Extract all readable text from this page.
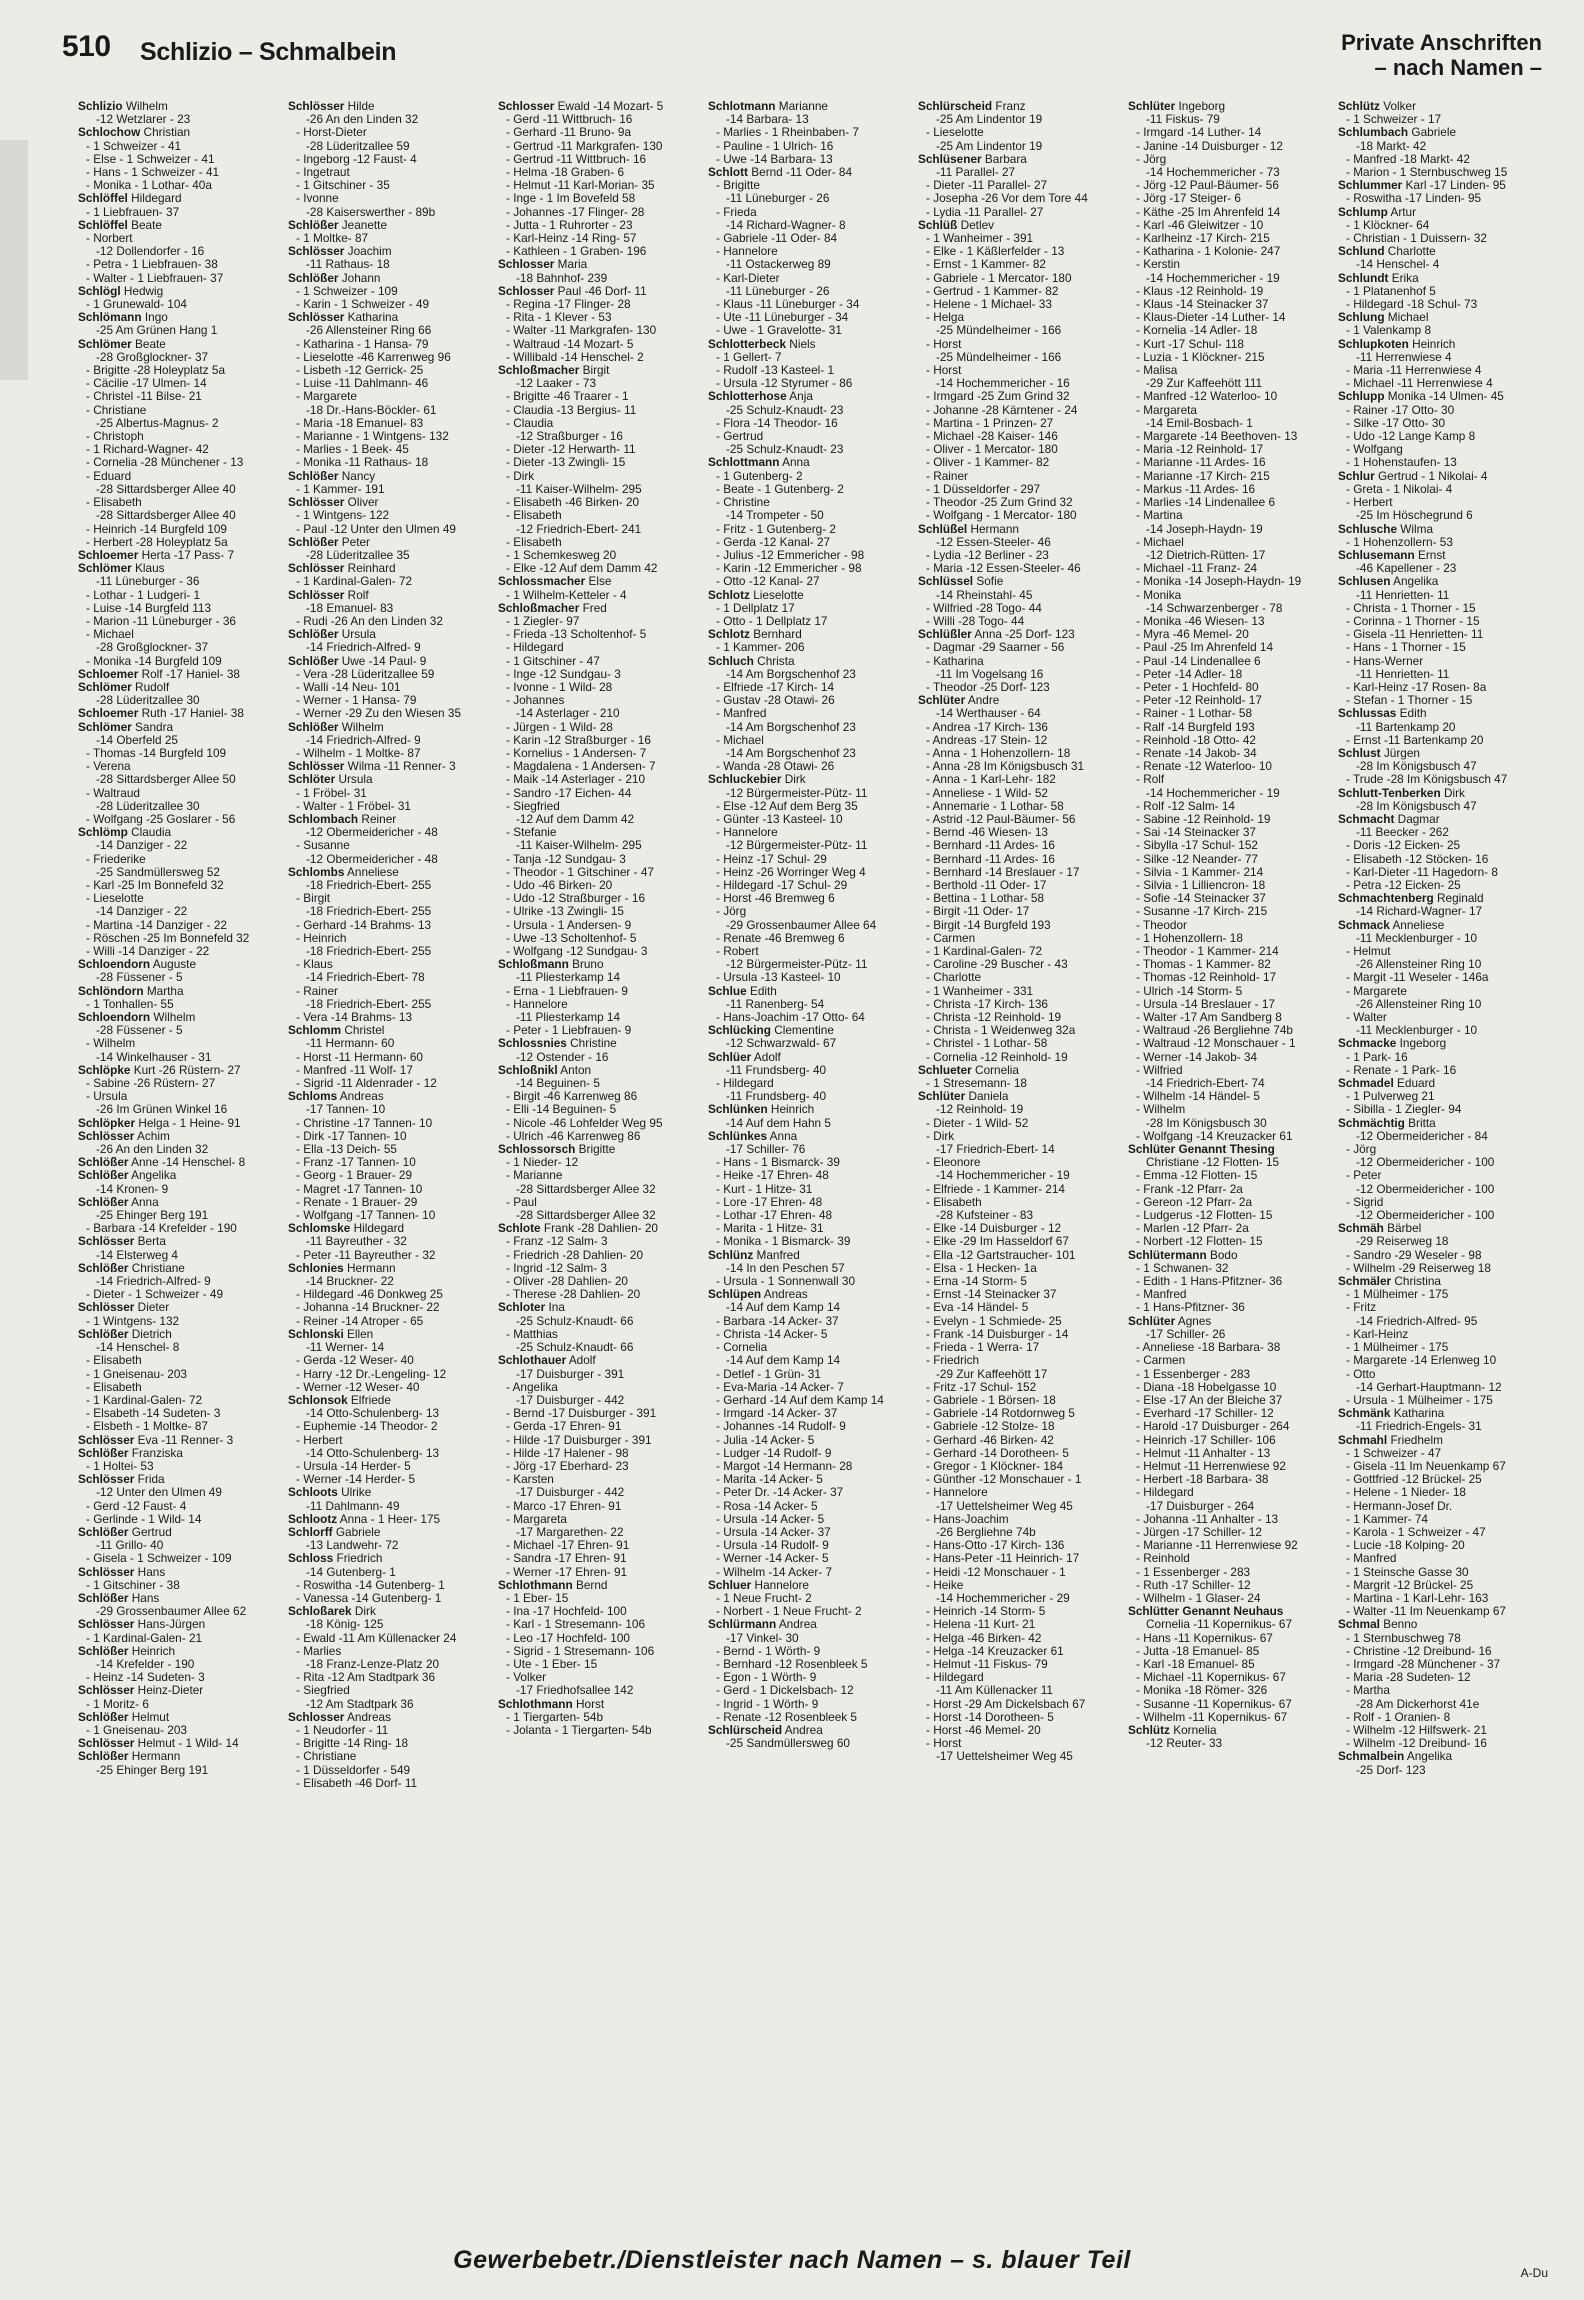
510 Schlizio – Schmalbein	Private Anschriften
– nach Namen –
Schlizio Wilhelm
-12 Wetzlarer - 23
Schlochow Christian
- 1 Schweizer - 41
- Else - 1 Schweizer - 41
- Hans - 1 Schweizer - 41
- Monika - 1 Lothar- 40a
Schlöffel Hildegard
- 1 Liebfrauen- 37
Schlöffel Beate
- Norbert
-12 Dollendorfer - 16
- Petra - 1 Liebfrauen- 38
- Walter - 1 Liebfrauen- 37
Schlögl Hedwig
- 1 Grunewald- 104
Schlömann Ingo
-25 Am Grünen Hang 1
Schlömer Beate
-28 Großglockner- 37
- Brigitte -28 Holeyplatz 5a
- Cäcilie -17 Ulmen- 14
- Christel -11 Bilse- 21
- Christiane
-25 Albertus-Magnus- 2
- Christoph
- 1 Richard-Wagner- 42
- Cornelia -28 Münchener - 13
- Eduard
-28 Sittardsberger Allee 40
- Elisabeth
-28 Sittardsberger Allee 40
- Heinrich -14 Burgfeld 109
- Herbert -28 Holeyplatz 5a
Schloemer Herta -17 Pass- 7
Schlömer Klaus
-11 Lüneburger - 36
- Lothar - 1 Ludgeri- 1
- Luise -14 Burgfeld 113
- Marion -11 Lüneburger - 36
- Michael
-28 Großglockner- 37
- Monika -14 Burgfeld 109
Schloemer Rolf -17 Haniel- 38
Schlömer Rudolf
-28 Lüderitzallee 30
Schloemer Ruth -17 Haniel- 38
Schlömer Sandra
-14 Oberfeld 25
- Thomas -14 Burgfeld 109
- Verena
-28 Sittardsberger Allee 50
- Waltraud
-28 Lüderitzallee 30
- Wolfgang -25 Goslarer - 56
Schlömp Claudia
-14 Danziger - 22
- Friederike
-25 Sandmüllersweg 52
- Karl -25 Im Bonnefeld 32
- Lieselotte
-14 Danziger - 22
- Martina -14 Danziger - 22
- Röschen -25 Im Bonnefeld 32
- Willi -14 Danziger - 22
Schloendorn Auguste
-28 Füssener - 5
Schlöndorn Martha
- 1 Tonhallen- 55
Schloendorn Wilhelm
-28 Füssener - 5
- Wilhelm
-14 Winkelhauser - 31
Schlöpke Kurt -26 Rüstern- 27
- Sabine -26 Rüstern- 27
- Ursula
-26 Im Grünen Winkel 16
Schlöpker Helga - 1 Heine- 91
Schlösser Achim
-26 An den Linden 32
Schlößer Anne -14 Henschel- 8
Schlößer Angelika
-14 Kronen- 9
Schlößer Anna
-25 Ehinger Berg 191
- Barbara -14 Krefelder - 190
Schlösser Berta
-14 Elsterweg 4
Schlößer Christiane
-14 Friedrich-Alfred- 9
- Dieter - 1 Schweizer - 49
Schlösser Dieter
- 1 Wintgens- 132
Schlößer Dietrich
-14 Henschel- 8
- Elisabeth
- 1 Gneisenau- 203
- Elisabeth
- 1 Kardinal-Galen- 72
- Elsabeth -14 Sudeten- 3
- Elsbeth - 1 Moltke- 87
Schlösser Eva -11 Renner- 3
Schlößer Franziska
- 1 Holtei- 53
Schlösser Frida
-12 Unter den Ulmen 49
- Gerd -12 Faust- 4
- Gerlinde - 1 Wild- 14
Schlößer Gertrud
-11 Grillo- 40
- Gisela - 1 Schweizer - 109
Schlösser Hans
- 1 Gitschiner - 38
Schlößer Hans
-29 Grossenbaumer Allee 62
Schlösser Hans-Jürgen
- 1 Kardinal-Galen- 21
Schlößer Heinrich
-14 Krefelder - 190
- Heinz -14 Sudeten- 3
Schlösser Heinz-Dieter
- 1 Moritz- 6
Schlößer Helmut
- 1 Gneisenau- 203
Schlösser Helmut - 1 Wild- 14
Schlößer Hermann
-25 Ehinger Berg 191
Schlösser Hilde
-26 An den Linden 32
- Horst-Dieter
-28 Lüderitzallee 59
- Ingeborg -12 Faust- 4
- Ingetraut
- 1 Gitschiner - 35
- Ivonne
-28 Kaiserswerther - 89b
Schlößer Jeanette
- 1 Moltke- 87
Schlösser Joachim
-11 Rathaus- 18
Schlößer Johann
- 1 Schweizer - 109
- Karin - 1 Schweizer - 49
Schlösser Katharina
-26 Allensteiner Ring 66
- Katharina - 1 Hansa- 79
- Lieselotte -46 Karrenweg 96
- Lisbeth -12 Gerrick- 25
- Luise -11 Dahlmann- 46
- Margarete
-18 Dr.-Hans-Böckler- 61
- Maria -18 Emanuel- 83
- Marianne - 1 Wintgens- 132
- Marlies - 1 Beek- 45
- Monika -11 Rathaus- 18
Schlößer Nancy
- 1 Kammer- 191
Schlösser Oliver
- 1 Wintgens- 122
- Paul -12 Unter den Ulmen 49
Schlößer Peter
-28 Lüderitzallee 35
Schlösser Reinhard
- 1 Kardinal-Galen- 72
Schlösser Rolf
-18 Emanuel- 83
- Rudi -26 An den Linden 32
Schlößer Ursula
-14 Friedrich-Alfred- 9
Schlößer Uwe -14 Paul- 9
- Vera -28 Lüderitzallee 59
- Walli -14 Neu- 101
- Werner - 1 Hansa- 79
- Werner -29 Zu den Wiesen 35
Schlößer Wilhelm
-14 Friedrich-Alfred- 9
- Wilhelm - 1 Moltke- 87
Schlösser Wilma -11 Renner- 3
Schlöter Ursula
- 1 Fröbel- 31
- Walter - 1 Fröbel- 31
Schlombach Reiner
-12 Obermeidericher - 48
- Susanne
-12 Obermeidericher - 48
Schlombs Anneliese
-18 Friedrich-Ebert- 255
- Birgit
-18 Friedrich-Ebert- 255
- Gerhard -14 Brahms- 13
- Heinrich
-18 Friedrich-Ebert- 255
- Klaus
-14 Friedrich-Ebert- 78
- Rainer
-18 Friedrich-Ebert- 255
- Vera -14 Brahms- 13
Schlomm Christel
-11 Hermann- 60
- Horst -11 Hermann- 60
- Manfred -11 Wolf- 17
- Sigrid -11 Aldenrader - 12
Schloms Andreas
-17 Tannen- 10
- Christine -17 Tannen- 10
- Dirk -17 Tannen- 10
- Ella -13 Deich- 55
- Franz -17 Tannen- 10
- Georg - 1 Brauer- 29
- Magret -17 Tannen- 10
- Renate - 1 Brauer- 29
- Wolfgang -17 Tannen- 10
Schlomske Hildegard
-11 Bayreuther - 32
- Peter -11 Bayreuther - 32
Schlonies Hermann
-14 Bruckner- 22
- Hildegard -46 Donkweg 25
- Johanna -14 Bruckner- 22
- Reiner -14 Atroper - 65
Schlonski Ellen
-11 Werner- 14
- Gerda -12 Weser- 40
- Harry -12 Dr.-Lengeling- 12
- Werner -12 Weser- 40
Schlonsok Elfriede
-14 Otto-Schulenberg- 13
- Euphemie -14 Theodor- 2
- Herbert
-14 Otto-Schulenberg- 13
- Ursula -14 Herder- 5
- Werner -14 Herder- 5
Schloots Ulrike
-11 Dahlmann- 49
Schlootz Anna - 1 Heer- 175
Schlorff Gabriele
-13 Landwehr- 72
Schloss Friedrich
-14 Gutenberg- 1
- Roswitha -14 Gutenberg- 1
- Vanessa -14 Gutenberg- 1
Schloßarek Dirk
-18 König- 125
- Ewald -11 Am Küllenacker 24
- Marlies
-18 Franz-Lenze-Platz 20
- Rita -12 Am Stadtpark 36
- Siegfried
-12 Am Stadtpark 36
Schlosser Andreas
- 1 Neudorfer - 11
- Brigitte -14 Ring- 18
- Christiane
- 1 Düsseldorfer - 549
- Elisabeth -46 Dorf- 11
Schlosser Ewald -14 Mozart- 5
- Gerd -11 Wittbruch- 16
- Gerhard -11 Bruno- 9a
- Gertrud -11 Markgrafen- 130
- Gertrud -11 Wittbruch- 16
- Helma -18 Graben- 6
- Helmut -11 Karl-Morian- 35
- Inge - 1 Im Bovefeld 58
- Johannes -17 Flinger- 28
- Jutta - 1 Ruhrorter - 23
- Karl-Heinz -14 Ring- 57
- Kathleen - 1 Graben- 196
Schlosser Maria
-18 Bahnhof- 239
Schlosser Paul -46 Dorf- 11
- Regina -17 Flinger- 28
- Rita - 1 Klever - 53
- Walter -11 Markgrafen- 130
- Waltraud -14 Mozart- 5
- Willibald -14 Henschel- 2
Schloßmacher Birgit
-12 Laaker - 73
- Brigitte -46 Traarer - 1
- Claudia -13 Bergius- 11
- Claudia
-12 Straßburger - 16
- Dieter -12 Herwarth- 11
- Dieter -13 Zwingli- 15
- Dirk
-11 Kaiser-Wilhelm- 295
- Elisabeth -46 Birken- 20
- Elisabeth
-12 Friedrich-Ebert- 241
- Elisabeth
- 1 Schemkesweg 20
- Elke -12 Auf dem Damm 42
Schlossmacher Else
- 1 Wilhelm-Ketteler - 4
Schloßmacher Fred
- 1 Ziegler- 97
- Frieda -13 Scholtenhof- 5
- Hildegard
- 1 Gitschiner - 47
- Inge -12 Sundgau- 3
- Ivonne - 1 Wild- 28
- Johannes
-14 Asterlager - 210
- Jürgen - 1 Wild- 28
- Karin -12 Straßburger - 16
- Kornelius - 1 Andersen- 7
- Magdalena - 1 Andersen- 7
- Maik -14 Asterlager - 210
- Sandro -17 Eichen- 44
- Siegfried
-12 Auf dem Damm 42
- Stefanie
-11 Kaiser-Wilhelm- 295
- Tanja -12 Sundgau- 3
- Theodor - 1 Gitschiner - 47
- Udo -46 Birken- 20
- Udo -12 Straßburger - 16
- Ulrike -13 Zwingli- 15
- Ursula - 1 Andersen- 9
- Uwe -13 Scholtenhof- 5
- Wolfgang -12 Sundgau- 3
Schloßmann Bruno
-11 Pliesterkamp 14
- Erna - 1 Liebfrauen- 9
- Hannelore
-11 Pliesterkamp 14
- Peter - 1 Liebfrauen- 9
Schlossnies Christine
-12 Ostender - 16
Schloßnikl Anton
-14 Beguinen- 5
- Birgit -46 Karrenweg 86
- Elli -14 Beguinen- 5
- Nicole -46 Lohfelder Weg 95
- Ulrich -46 Karrenweg 86
Schlossorsch Brigitte
- 1 Nieder- 12
- Marianne
-28 Sittardsberger Allee 32
- Paul
-28 Sittardsberger Allee 32
Schlote Frank -28 Dahlien- 20
- Franz -12 Salm- 3
- Friedrich -28 Dahlien- 20
- Ingrid -12 Salm- 3
- Oliver -28 Dahlien- 20
- Therese -28 Dahlien- 20
Schloter Ina
-25 Schulz-Knaudt- 66
- Matthias
-25 Schulz-Knaudt- 66
Schlothauer Adolf
-17 Duisburger - 391
- Angelika
-17 Duisburger - 442
- Bernd -17 Duisburger - 391
- Gerda -17 Ehren- 91
- Hilde -17 Duisburger - 391
- Hilde -17 Halener - 98
- Jörg -17 Eberhard- 23
- Karsten
-17 Duisburger - 442
- Marco -17 Ehren- 91
- Margareta
-17 Margarethen- 22
- Michael -17 Ehren- 91
- Sandra -17 Ehren- 91
- Werner -17 Ehren- 91
Schlothmann Bernd
- 1 Eber- 15
- Ina -17 Hochfeld- 100
- Karl - 1 Stresemann- 106
- Leo -17 Hochfeld- 100
- Sigrid - 1 Stresemann- 106
- Ute - 1 Eber- 15
- Volker
-17 Friedhofsallee 142
Schlothmann Horst
- 1 Tiergarten- 54b
- Jolanta - 1 Tiergarten- 54b
Schlotmann Marianne
-14 Barbara- 13
- Marlies - 1 Rheinbaben- 7
- Pauline - 1 Ulrich- 16
- Uwe -14 Barbara- 13
Schlott Bernd -11 Oder- 84
- Brigitte
-11 Lüneburger - 26
- Frieda
-14 Richard-Wagner- 8
- Gabriele -11 Oder- 84
- Hannelore
-11 Ostackerweg 89
- Karl-Dieter
-11 Lüneburger - 26
- Klaus -11 Lüneburger - 34
- Ute -11 Lüneburger - 34
- Uwe - 1 Gravelotte- 31
Schlotterbeck Niels
- 1 Gellert- 7
- Rudolf -13 Kasteel- 1
- Ursula -12 Styrumer - 86
Schlotterhose Anja
-25 Schulz-Knaudt- 23
- Flora -14 Theodor- 16
- Gertrud
-25 Schulz-Knaudt- 23
Schlottmann Anna
- 1 Gutenberg- 2
- Beate - 1 Gutenberg- 2
- Christine
-14 Trompeter - 50
- Fritz - 1 Gutenberg- 2
- Gerda -12 Kanal- 27
- Julius -12 Emmericher - 98
- Karin -12 Emmericher - 98
- Otto -12 Kanal- 27
Schlotz Lieselotte
- 1 Dellplatz 17
- Otto - 1 Dellplatz 17
Schlotz Bernhard
- 1 Kammer- 206
Schluch Christa
-14 Am Borgschenhof 23
- Elfriede -17 Kirch- 14
- Gustav -28 Otawi- 26
- Manfred
-14 Am Borgschenhof 23
- Michael
-14 Am Borgschenhof 23
- Wanda -28 Otawi- 26
Schluckebier Dirk
-12 Bürgermeister-Pütz- 11
- Else -12 Auf dem Berg 35
- Günter -13 Kasteel- 10
- Hannelore
-12 Bürgermeister-Pütz- 11
- Heinz -17 Schul- 29
- Heinz -26 Worringer Weg 4
- Hildegard -17 Schul- 29
- Horst -46 Bremweg 6
- Jörg
-29 Grossenbaumer Allee 64
- Renate -46 Bremweg 6
- Robert
-12 Bürgermeister-Pütz- 11
- Ursula -13 Kasteel- 10
Schlue Edith
-11 Ranenberg- 54
- Hans-Joachim -17 Otto- 64
Schlücking Clementine
-12 Schwarzwald- 67
Schlüer Adolf
-11 Frundsberg- 40
- Hildegard
-11 Frundsberg- 40
Schlünken Heinrich
-14 Auf dem Hahn 5
Schlünkes Anna
-17 Schiller- 76
- Hans - 1 Bismarck- 39
- Heike -17 Ehren- 48
- Kurt - 1 Hitze- 31
- Lore -17 Ehren- 48
- Lothar -17 Ehren- 48
- Marita - 1 Hitze- 31
- Monika - 1 Bismarck- 39
Schlünz Manfred
-14 In den Peschen 57
- Ursula - 1 Sonnenwall 30
Schlüpen Andreas
-14 Auf dem Kamp 14
- Barbara -14 Acker- 37
- Christa -14 Acker- 5
- Cornelia
-14 Auf dem Kamp 14
- Detlef - 1 Grün- 31
- Eva-Maria -14 Acker- 7
- Gerhard -14 Auf dem Kamp 14
- Irmgard -14 Acker- 37
- Johannes -14 Rudolf- 9
- Julia -14 Acker- 5
- Ludger -14 Rudolf- 9
- Margot -14 Hermann- 28
- Marita -14 Acker- 5
- Peter Dr. -14 Acker- 37
- Rosa -14 Acker- 5
- Ursula -14 Acker- 5
- Ursula -14 Acker- 37
- Ursula -14 Rudolf- 9
- Werner -14 Acker- 5
- Wilhelm -14 Acker- 7
Schluer Hannelore
- 1 Neue Frucht- 2
- Norbert - 1 Neue Frucht- 2
Schlürmann Andrea
-17 Vinkel- 30
- Bernd - 1 Wörth- 9
- Bernhard -12 Rosenbleek 5
- Egon - 1 Wörth- 9
- Gerd - 1 Dickelsbach- 12
- Ingrid - 1 Wörth- 9
- Renate -12 Rosenbleek 5
Schlürscheid Andrea
-25 Sandmüllersweg 60
Schlürscheid Franz
-25 Am Lindentor 19
- Lieselotte
-25 Am Lindentor 19
Schlüsener Barbara
-11 Parallel- 27
- Dieter -11 Parallel- 27
- Josepha -26 Vor dem Tore 44
- Lydia -11 Parallel- 27
Schlüß Detlev
- 1 Wanheimer - 391
- Elke - 1 Käßlerfelder - 13
- Ernst - 1 Kammer- 82
- Gabriele - 1 Mercator- 180
- Gertrud - 1 Kammer- 82
- Helene - 1 Michael- 33
- Helga
-25 Mündelheimer - 166
- Horst
-25 Mündelheimer - 166
- Horst
-14 Hochemmericher - 16
- Irmgard -25 Zum Grind 32
- Johanne -28 Kärntener - 24
- Martina - 1 Prinzen- 27
- Michael -28 Kaiser- 146
- Oliver - 1 Mercator- 180
- Oliver - 1 Kammer- 82
- Rainer
- 1 Düsseldorfer - 297
- Theodor -25 Zum Grind 32
- Wolfgang - 1 Mercator- 180
Schlüßel Hermann
-12 Essen-Steeler- 46
- Lydia -12 Berliner - 23
- Maria -12 Essen-Steeler- 46
Schlüssel Sofie
-14 Rheinstahl- 45
- Wilfried -28 Togo- 44
- Willi -28 Togo- 44
Schlüßler Anna -25 Dorf- 123
- Dagmar -29 Saarner - 56
- Katharina
-11 Im Vogelsang 16
- Theodor -25 Dorf- 123
Schlüter Andre
-14 Werthauser - 64
- Andrea -17 Kirch- 136
- Andreas -17 Stein- 12
- Anna - 1 Hohenzollern- 18
- Anna -28 Im Königsbusch 31
- Anna - 1 Karl-Lehr- 182
- Anneliese - 1 Wild- 52
- Annemarie - 1 Lothar- 58
- Astrid -12 Paul-Bäumer- 56
- Bernd -46 Wiesen- 13
- Bernhard -11 Ardes- 16
- Bernhard -11 Ardes- 16
- Bernhard -14 Breslauer - 17
- Berthold -11 Oder- 17
- Bettina - 1 Lothar- 58
- Birgit -11 Oder- 17
- Birgit -14 Burgfeld 193
- Carmen
- 1 Kardinal-Galen- 72
- Caroline -29 Buscher - 43
- Charlotte
- 1 Wanheimer - 331
- Christa -17 Kirch- 136
- Christa -12 Reinhold- 19
- Christa - 1 Weidenweg 32a
- Christel - 1 Lothar- 58
- Cornelia -12 Reinhold- 19
Schlueter Cornelia
- 1 Stresemann- 18
Schlüter Daniela
-12 Reinhold- 19
- Dieter - 1 Wild- 52
- Dirk
-17 Friedrich-Ebert- 14
- Eleonore
-14 Hochemmericher - 19
- Elfriede - 1 Kammer- 214
- Elisabeth
-28 Kufsteiner - 83
- Elke -14 Duisburger - 12
- Elke -29 Im Hasseldorf 67
- Ella -12 Gartstraucher- 101
- Elsa - 1 Hecken- 1a
- Erna -14 Storm- 5
- Ernst -14 Steinacker 37
- Eva -14 Händel- 5
- Evelyn - 1 Schmiede- 25
- Frank -14 Duisburger - 14
- Frieda - 1 Werra- 17
- Friedrich
-29 Zur Kaffeehött 17
- Fritz -17 Schul- 152
- Gabriele - 1 Börsen- 18
- Gabriele -14 Rotdornweg 5
- Gabriele -12 Stolze- 18
- Gerhard -46 Birken- 42
- Gerhard -14 Dorotheen- 5
- Gregor - 1 Klöckner- 184
- Günther -12 Monschauer - 1
- Hannelore
-17 Uettelsheimer Weg 45
- Hans-Joachim
-26 Bergliehne 74b
- Hans-Otto -17 Kirch- 136
- Hans-Peter -11 Heinrich- 17
- Heidi -12 Monschauer - 1
- Heike
-14 Hochemmericher - 29
- Heinrich -14 Storm- 5
- Helena -11 Kurt- 21
- Helga -46 Birken- 42
- Helga -14 Kreuzacker 61
- Helmut -11 Fiskus- 79
- Hildegard
-11 Am Küllenacker 11
- Horst -29 Am Dickelsbach 67
- Horst -14 Dorotheen- 5
- Horst -46 Memel- 20
- Horst
-17 Uettelsheimer Weg 45
Schlüter Ingeborg
-11 Fiskus- 79
- Irmgard -14 Luther- 14
- Janine -14 Duisburger - 12
- Jörg
-14 Hochemmericher - 73
- Jörg -12 Paul-Bäumer- 56
- Jörg -17 Steiger- 6
- Käthe -25 Im Ahrenfeld 14
- Karl -46 Gleiwitzer - 10
- Karlheinz -17 Kirch- 215
- Katharina - 1 Kolonie- 247
- Kerstin
-14 Hochemmericher - 19
- Klaus -12 Reinhold- 19
- Klaus -14 Steinacker 37
- Klaus-Dieter -14 Luther- 14
- Kornelia -14 Adler- 18
- Kurt -17 Schul- 118
- Luzia - 1 Klöckner- 215
- Malisa
-29 Zur Kaffeehött 111
- Manfred -12 Waterloo- 10
- Margareta
-14 Emil-Bosbach- 1
- Margarete -14 Beethoven- 13
- Maria -12 Reinhold- 17
- Marianne -11 Ardes- 16
- Marianne -17 Kirch- 215
- Markus -11 Ardes- 16
- Marlies -14 Lindenallee 6
- Martina
-14 Joseph-Haydn- 19
- Michael
-12 Dietrich-Rütten- 17
- Michael -11 Franz- 24
- Monika -14 Joseph-Haydn- 19
- Monika
-14 Schwarzenberger - 78
- Monika -46 Wiesen- 13
- Myra -46 Memel- 20
- Paul -25 Im Ahrenfeld 14
- Paul -14 Lindenallee 6
- Peter -14 Adler- 18
- Peter - 1 Hochfeld- 80
- Peter -12 Reinhold- 17
- Rainer - 1 Lothar- 58
- Ralf -14 Burgfeld 193
- Reinhold -18 Otto- 42
- Renate -14 Jakob- 34
- Renate -12 Waterloo- 10
- Rolf
-14 Hochemmericher - 19
- Rolf -12 Salm- 14
- Sabine -12 Reinhold- 19
- Sai -14 Steinacker 37
- Sibylla -17 Schul- 152
- Silke -12 Neander- 77
- Silvia - 1 Kammer- 214
- Silvia - 1 Lilliencron- 18
- Sofie -14 Steinacker 37
- Susanne -17 Kirch- 215
- Theodor
- 1 Hohenzollern- 18
- Theodor - 1 Kammer- 214
- Thomas - 1 Kammer- 82
- Thomas -12 Reinhold- 17
- Ulrich -14 Storm- 5
- Ursula -14 Breslauer - 17
- Walter -17 Am Sandberg 8
- Waltraud -26 Bergliehne 74b
- Waltraud -12 Monschauer - 1
- Werner -14 Jakob- 34
- Wilfried
-14 Friedrich-Ebert- 74
- Wilhelm -14 Händel- 5
- Wilhelm
-28 Im Königsbusch 30
- Wolfgang -14 Kreuzacker 61
Schlüter Genannt Thesing
Christiane -12 Flotten- 15
- Emma -12 Flotten- 15
- Frank -12 Pfarr- 2a
- Gereon -12 Pfarr- 2a
- Ludgerus -12 Flotten- 15
- Marlen -12 Pfarr- 2a
- Norbert -12 Flotten- 15
Schlütermann Bodo
- 1 Schwanen- 32
- Edith - 1 Hans-Pfitzner- 36
- Manfred
- 1 Hans-Pfitzner- 36
Schlüter Agnes
-17 Schiller- 26
- Anneliese -18 Barbara- 38
- Carmen
- 1 Essenberger - 283
- Diana -18 Hobelgasse 10
- Else -17 An der Bleiche 37
- Everhard -17 Schiller- 12
- Harold -17 Duisburger - 264
- Heinrich -17 Schiller- 106
- Helmut -11 Anhalter - 13
- Helmut -11 Herrenwiese 92
- Herbert -18 Barbara- 38
- Hildegard
-17 Duisburger - 264
- Johanna -11 Anhalter - 13
- Jürgen -17 Schiller- 12
- Marianne -11 Herrenwiese 92
- Reinhold
- 1 Essenberger - 283
- Ruth -17 Schiller- 12
- Wilhelm - 1 Glaser- 24
Schlütter Genannt Neuhaus
Cornelia -11 Kopernikus- 67
- Hans -11 Kopernikus- 67
- Jutta -18 Emanuel- 85
- Karl -18 Emanuel- 85
- Michael -11 Kopernikus- 67
- Monika -18 Römer- 326
- Susanne -11 Kopernikus- 67
- Wilhelm -11 Kopernikus- 67
Schlütz Kornelia
-12 Reuter- 33
Schlütz Volker
- 1 Schweizer - 17
Schlumbach Gabriele
-18 Markt- 42
- Manfred -18 Markt- 42
- Marion - 1 Sternbuschweg 15
Schlummer Karl -17 Linden- 95
- Roswitha -17 Linden- 95
Schlump Artur
- 1 Klöckner- 64
- Christian - 1 Duissern- 32
Schlund Charlotte
-14 Henschel- 4
Schlundt Erika
- 1 Platanenhof 5
- Hildegard -18 Schul- 73
Schlung Michael
- 1 Valenkamp 8
Schlupkoten Heinrich
-11 Herrenwiese 4
- Maria -11 Herrenwiese 4
- Michael -11 Herrenwiese 4
Schlupp Monika -14 Ulmen- 45
- Rainer -17 Otto- 30
- Silke -17 Otto- 30
- Udo -12 Lange Kamp 8
- Wolfgang
- 1 Hohenstaufen- 13
Schlur Gertrud - 1 Nikolai- 4
- Greta - 1 Nikolai- 4
- Herbert
-25 Im Höschegrund 6
Schlusche Wilma
- 1 Hohenzollern- 53
Schlusemann Ernst
-46 Kapellener - 23
Schlusen Angelika
-11 Henrietten- 11
- Christa - 1 Thorner - 15
- Corinna - 1 Thorner - 15
- Gisela -11 Henrietten- 11
- Hans - 1 Thorner - 15
- Hans-Werner
-11 Henrietten- 11
- Karl-Heinz -17 Rosen- 8a
- Stefan - 1 Thorner - 15
Schlussas Edith
-11 Bartenkamp 20
- Ernst -11 Bartenkamp 20
Schlust Jürgen
-28 Im Königsbusch 47
- Trude -28 Im Königsbusch 47
Schlutt-Tenberken Dirk
-28 Im Königsbusch 47
Schmacht Dagmar
-11 Beecker - 262
- Doris -12 Eicken- 25
- Elisabeth -12 Stöcken- 16
- Karl-Dieter -11 Hagedorn- 8
- Petra -12 Eicken- 25
Schmachtenberg Reginald
-14 Richard-Wagner- 17
Schmack Anneliese
-11 Mecklenburger - 10
- Helmut
-26 Allensteiner Ring 10
- Margit -11 Weseler - 146a
- Margarete
-26 Allensteiner Ring 10
- Walter
-11 Mecklenburger - 10
Schmacke Ingeborg
- 1 Park- 16
- Renate - 1 Park- 16
Schmadel Eduard
- 1 Pulverweg 21
- Sibilla - 1 Ziegler- 94
Schmächtig Britta
-12 Obermeidericher - 84
- Jörg
-12 Obermeidericher - 100
- Peter
-12 Obermeidericher - 100
- Sigrid
-12 Obermeidericher - 100
Schmäh Bärbel
-29 Reiserweg 18
- Sandro -29 Weseler - 98
- Wilhelm -29 Reiserweg 18
Schmäler Christina
- 1 Mülheimer - 175
- Fritz
-14 Friedrich-Alfred- 95
- Karl-Heinz
- 1 Mülheimer - 175
- Margarete -14 Erlenweg 10
- Otto
-14 Gerhart-Hauptmann- 12
- Ursula - 1 Mülheimer - 175
Schmänk Katharina
-11 Friedrich-Engels- 31
Schmahl Friedhelm
- 1 Schweizer - 47
- Gisela -11 Im Neuenkamp 67
- Gottfried -12 Brückel- 25
- Helene - 1 Nieder- 18
- Hermann-Josef Dr.
- 1 Kammer- 74
- Karola - 1 Schweizer - 47
- Lucie -18 Kolping- 20
- Manfred
- 1 Steinsche Gasse 30
- Margrit -12 Brückel- 25
- Martina - 1 Karl-Lehr- 163
- Walter -11 Im Neuenkamp 67
Schmal Benno
- 1 Sternbuschweg 78
- Christine -12 Dreibund- 16
- Irmgard -28 Münchener - 37
- Maria -28 Sudeten- 12
- Martha
-28 Am Dickerhorst 41e
- Rolf - 1 Oranien- 8
- Wilhelm -12 Hilfswerk- 21
- Wilhelm -12 Dreibund- 16
Schmalbein Angelika
-25 Dorf- 123
Gewerbebetr./Dienstleister nach Namen – s. blauer Teil	A-Du
